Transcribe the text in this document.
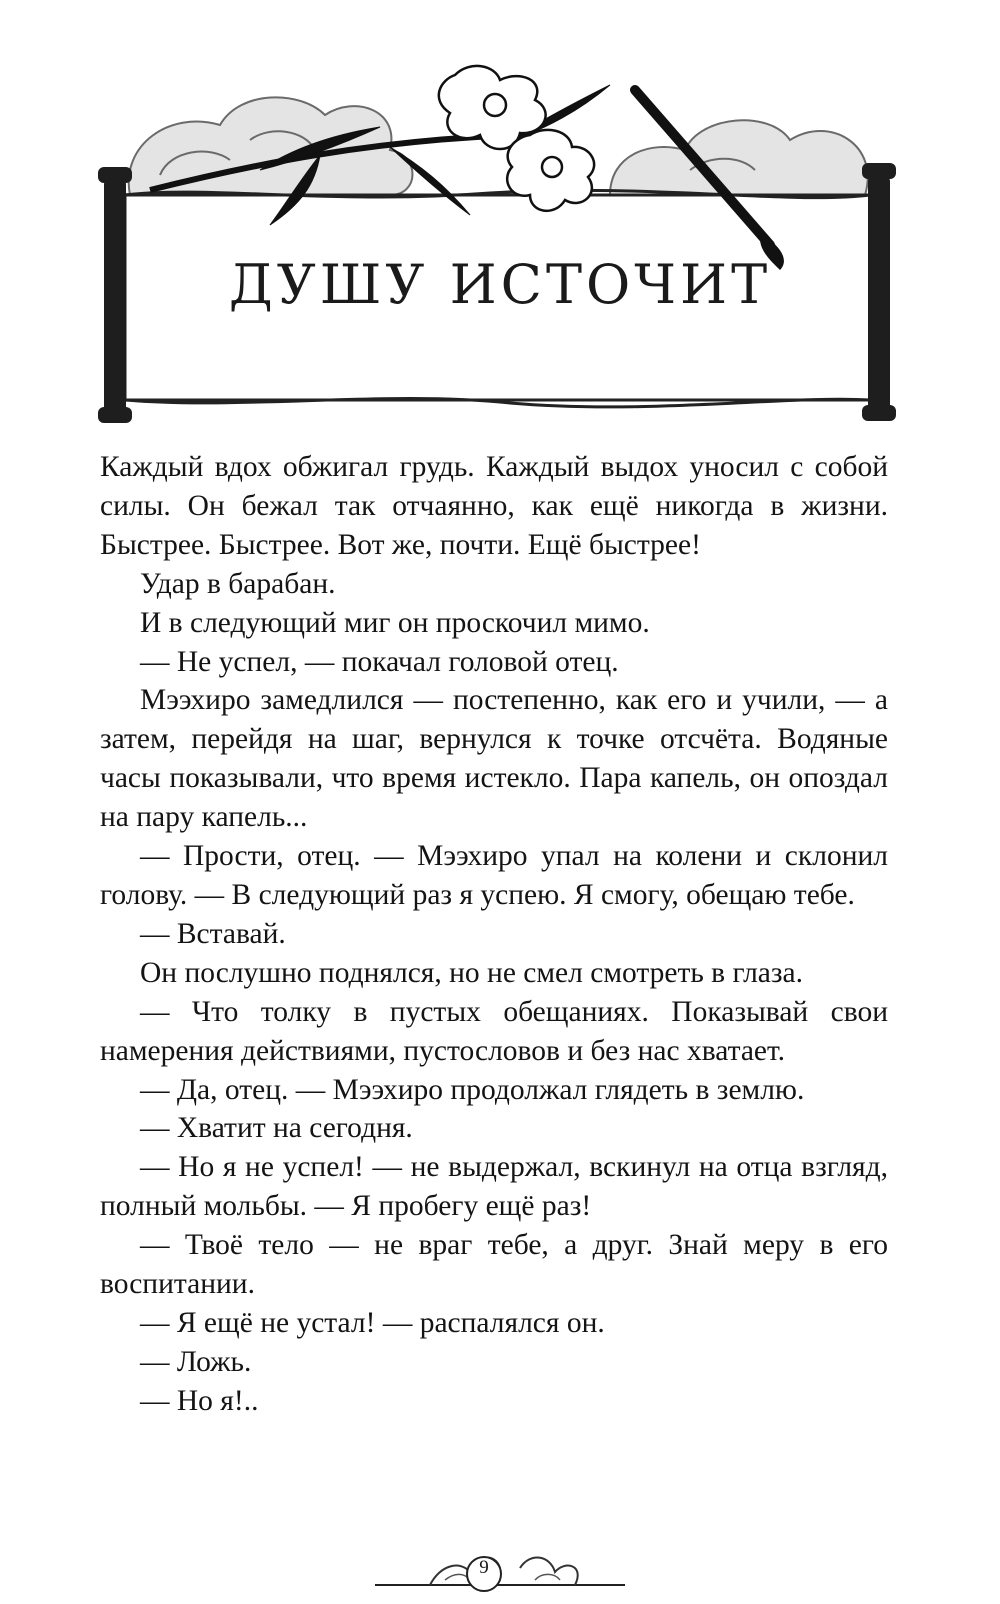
ДУШУ ИСТОЧИТ

Каждый вдох обжигал грудь. Каждый выдох уносил с собой силы. Он бежал так отчаянно, как ещё никогда в жизни. Быстрее. Быстрее. Вот же, почти. Ещё быстрее!

Удар в барабан.

И в следующий миг он проскочил мимо.

— Не успел, — покачал головой отец.

Мээхиро замедлился — постепенно, как его и учили, — а затем, перейдя на шаг, вернулся к точке отсчёта. Водяные часы показывали, что время истекло. Пара капель, он опоздал на пару капель...

— Прости, отец. — Мээхиро упал на колени и склонил голову. — В следующий раз я успею. Я смогу, обещаю тебе.

— Вставай.

Он послушно поднялся, но не смел смотреть в глаза.

— Что толку в пустых обещаниях. Показывай свои намерения действиями, пустословов и без нас хватает.

— Да, отец. — Мээхиро продолжал глядеть в землю.

— Хватит на сегодня.

— Но я не успел! — не выдержал, вскинул на отца взгляд, полный мольбы. — Я пробегу ещё раз!

— Твоё тело — не враг тебе, а друг. Знай меру в его воспитании.

— Я ещё не устал! — распалялся он.

— Ложь.

— Но я!..

9
